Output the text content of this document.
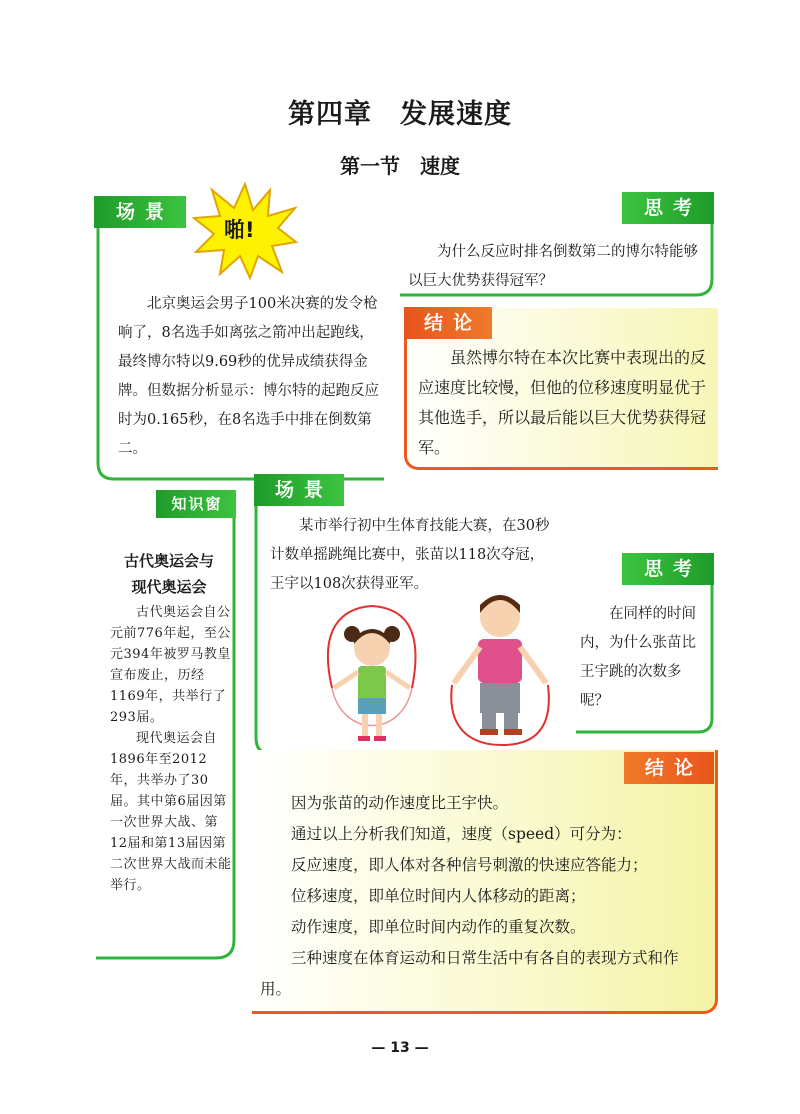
第四章　发展速度
第一节　速度
场景
啪!

北京奥运会男子100米决赛的发令枪响了，8名选手如离弦之箭冲出起跑线，最终博尔特以9.69秒的优异成绩获得金牌。但数据分析显示：博尔特的起跑反应时为0.165秒，在8名选手中排在倒数第二。

思考

为什么反应时排名倒数第二的博尔特能够以巨大优势获得冠军？

结论

虽然博尔特在本次比赛中表现出的反应速度比较慢，但他的位移速度明显优于其他选手，所以最后能以巨大优势获得冠军。

知识窗
古代奥运会与
现代奥运会

古代奥运会自公元前776年起，至公元394年被罗马教皇宣布废止，历经1169年，共举行了293届。

现代奥运会自1896年至2012年，共举办了30届。其中第6届因第一次世界大战、第12届和第13届因第二次世界大战而未能举行。

场景

某市举行初中生体育技能大赛，在30秒计数单摇跳绳比赛中，张苗以118次夺冠，王宇以108次获得亚军。

思考

在同样的时间内，为什么张苗比王宇跳的次数多呢？

结论

因为张苗的动作速度比王宇快。

通过以上分析我们知道，速度（speed）可分为：

反应速度，即人体对各种信号刺激的快速应答能力；

位移速度，即单位时间内人体移动的距离；

动作速度，即单位时间内动作的重复次数。

三种速度在体育运动和日常生活中有各自的表现方式和作用。

— 13 —
